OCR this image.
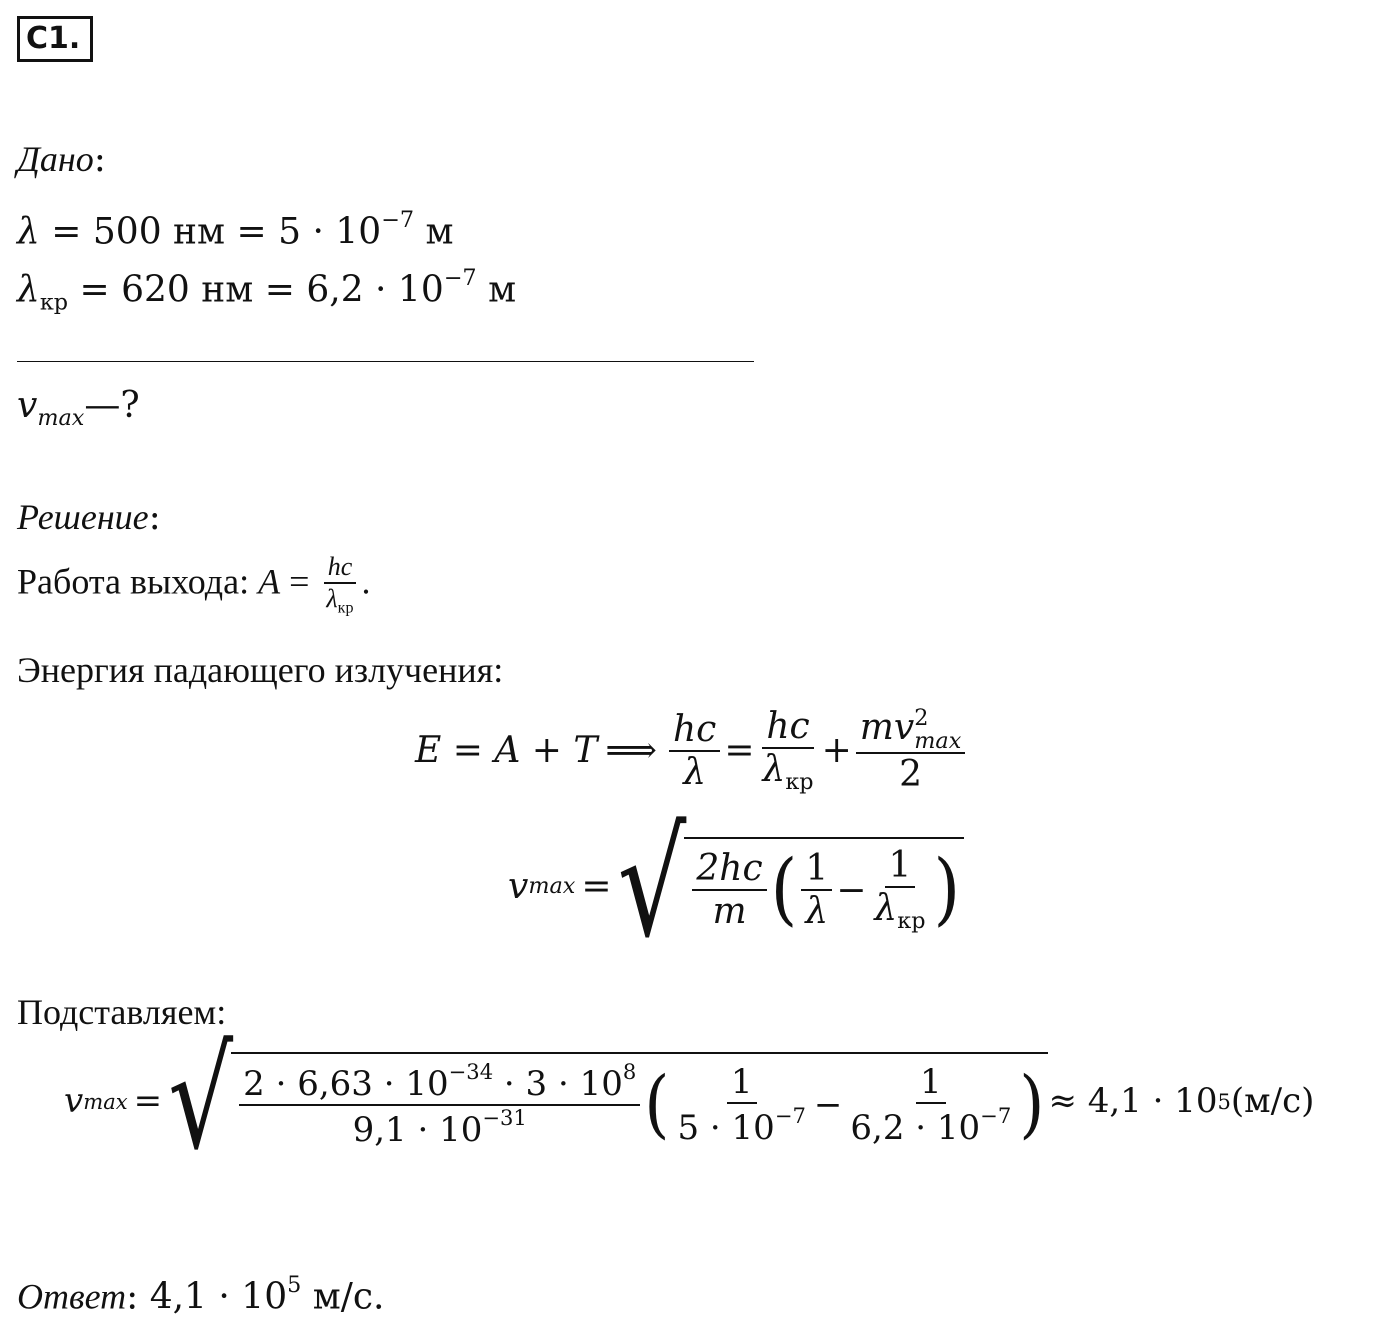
C1.
Дано:
λ = 500 нм = $5 \cdot 10^{-7}$ м
$\lambda_{кр} = 620$ нм = $6,2 \cdot 10^{-7}$ м
$v_{max}—$?
Решение:
Работа выхода: $A = \frac{hc}{\lambda_{кр}}$ .
Энергия падающего излучения:
E = A + T ⟹ $\frac{hc}{\lambda} = \frac{hc}{\lambda_{кр}}$ + mv 2
max
2
v max = √ $\frac{2hc}{m}$ ( $\frac{1}{\lambda} - \frac{1}{\lambda_{кр}}$ )
Подставляем:
v max = √ $\frac{2 \cdot 6,63 \cdot 10^{-34} \cdot 3 \cdot 10^8}{9,1 \cdot 10^{-31}}$ ( $\frac{1}{5 \cdot 10^{-7}} - \frac{1}{6,2 \cdot 10^{-7}}$ ) ≈ 4,1 · 10 5 (м/с)
Ответ: $4,1 \cdot 10^5$ м/с.
